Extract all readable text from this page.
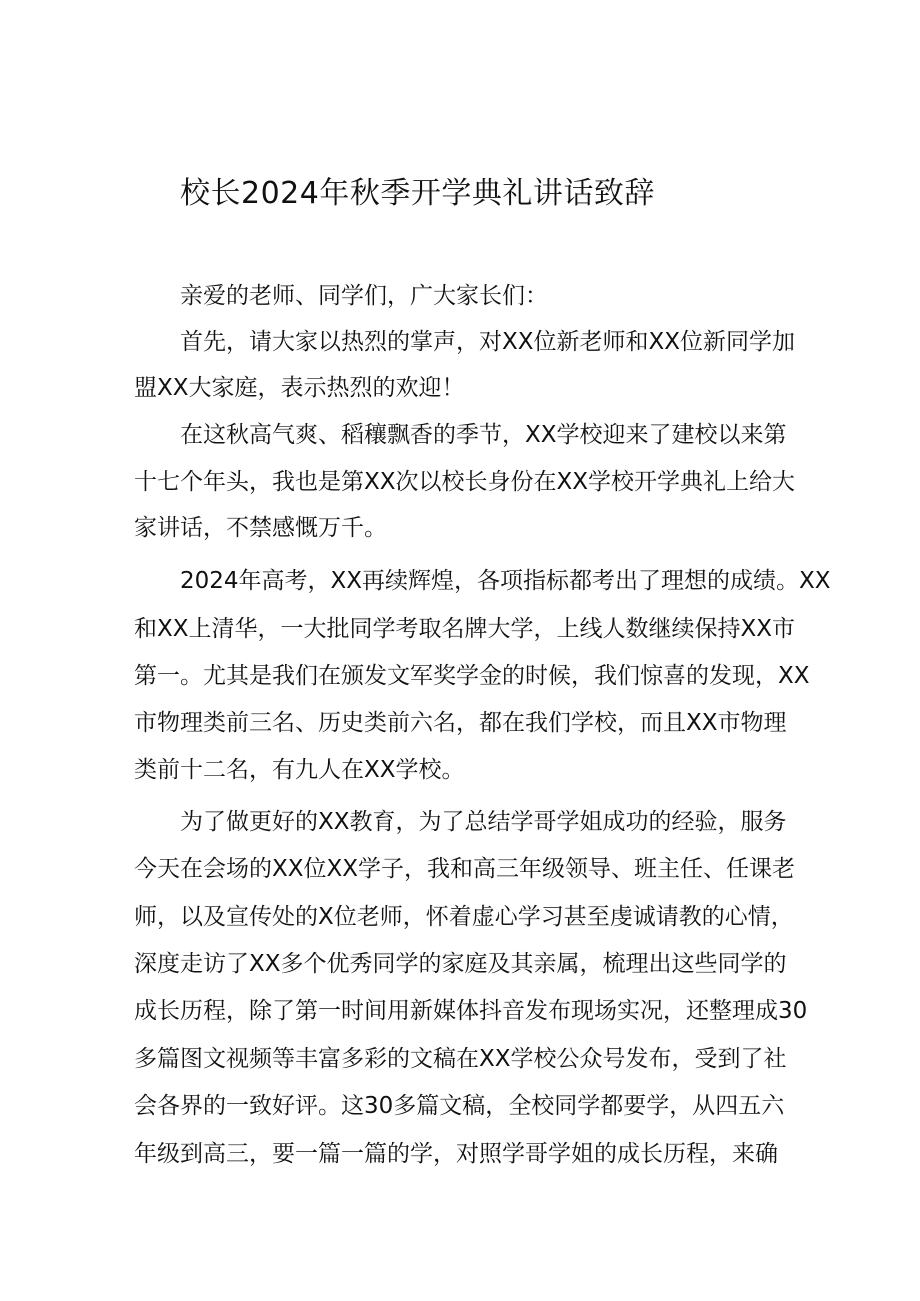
校长2024年秋季开学典礼讲话致辞
亲爱的老师、同学们，广大家长们：
首先，请大家以热烈的掌声，对XX位新老师和XX位新同学加
盟XX大家庭，表示热烈的欢迎！
在这秋高气爽、稻穰飘香的季节，XX学校迎来了建校以来第
十七个年头，我也是第XX次以校长身份在XX学校开学典礼上给大
家讲话，不禁感慨万千。
2024年高考，XX再续辉煌，各项指标都考出了理想的成绩。XX
和XX上清华，一大批同学考取名牌大学，上线人数继续保持XX市
第一。尤其是我们在颁发文军奖学金的时候，我们惊喜的发现，XX
市物理类前三名、历史类前六名，都在我们学校，而且XX市物理
类前十二名，有九人在XX学校。
为了做更好的XX教育，为了总结学哥学姐成功的经验，服务
今天在会场的XX位XX学子，我和高三年级领导、班主任、任课老
师，以及宣传处的X位老师，怀着虚心学习甚至虔诚请教的心情，
深度走访了XX多个优秀同学的家庭及其亲属，梳理出这些同学的
成长历程，除了第一时间用新媒体抖音发布现场实况，还整理成30
多篇图文视频等丰富多彩的文稿在XX学校公众号发布，受到了社
会各界的一致好评。这30多篇文稿，全校同学都要学，从四五六
年级到高三，要一篇一篇的学，对照学哥学姐的成长历程，来确
